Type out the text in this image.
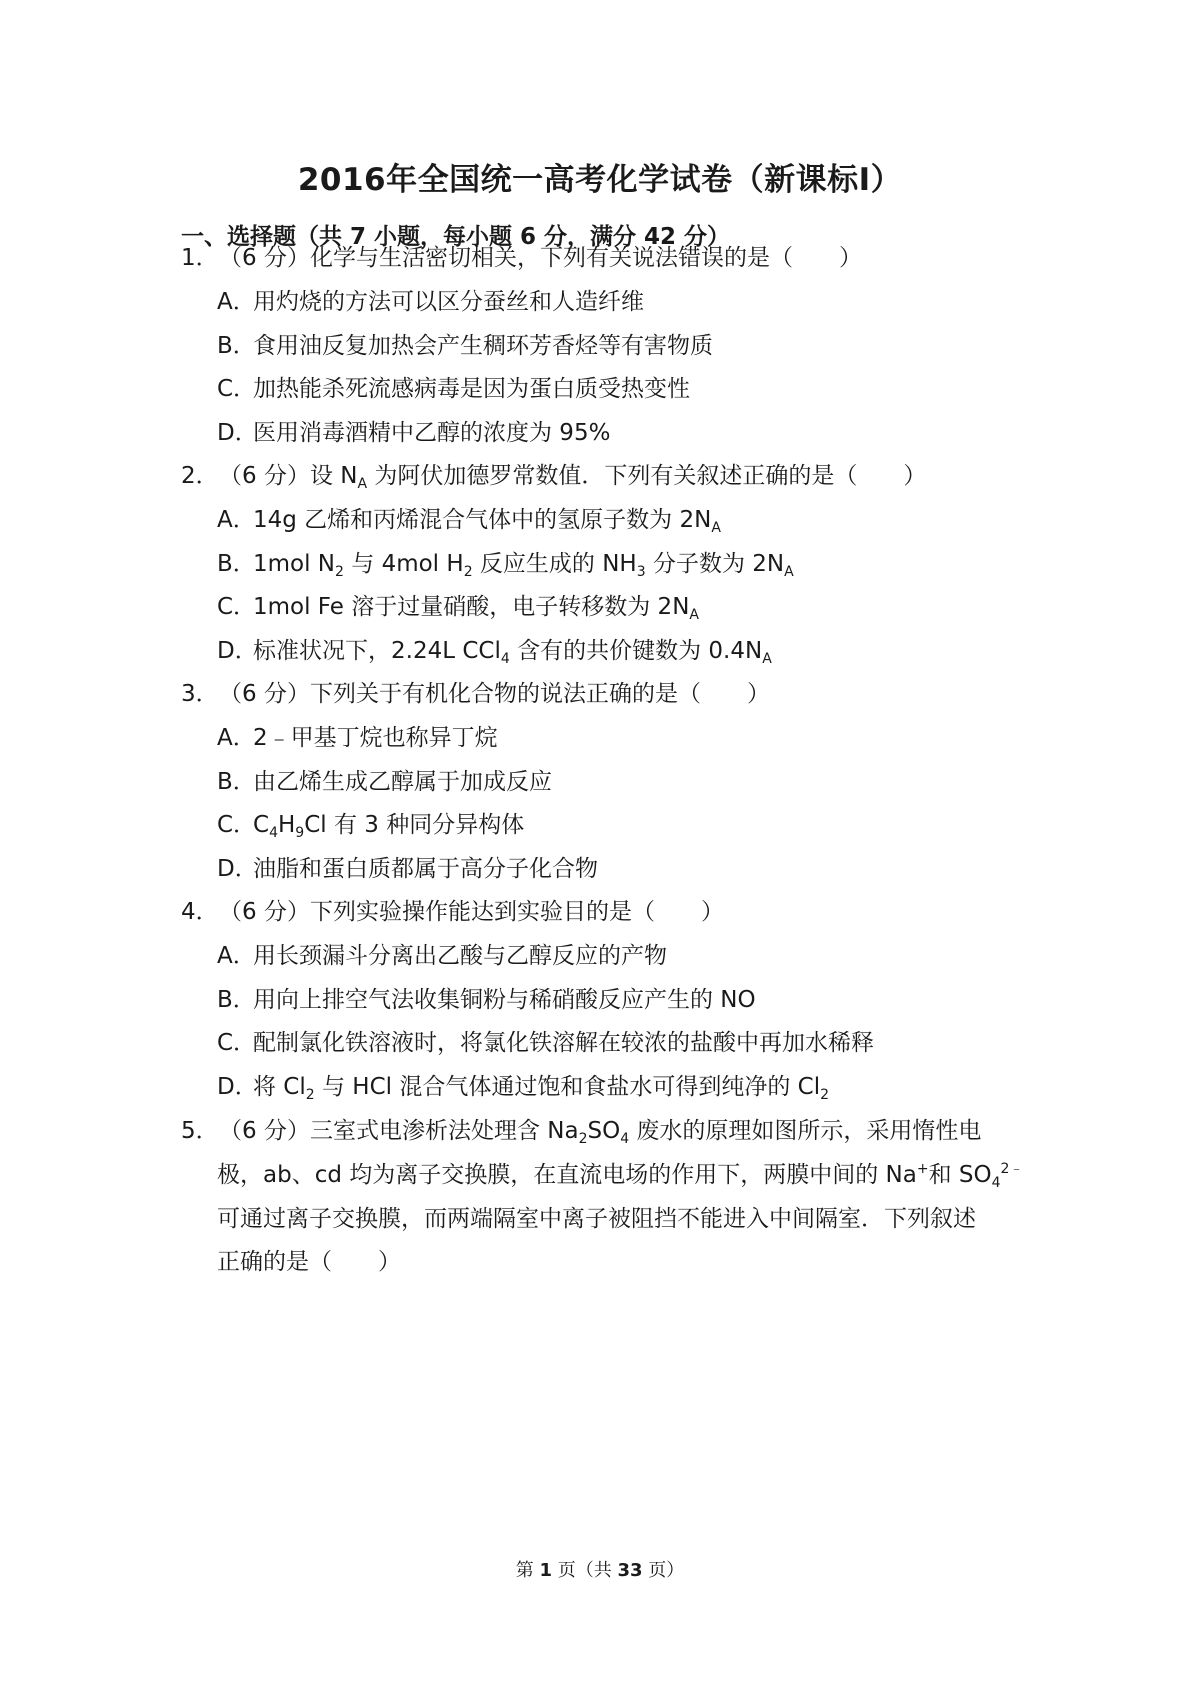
2016年全国统一高考化学试卷（新课标Ⅰ）
一、选择题（共 7 小题，每小题 6 分，满分 42 分）
1．（6 分）化学与生活密切相关，下列有关说法错误的是（　　）
A．用灼烧的方法可以区分蚕丝和人造纤维
B．食用油反复加热会产生稠环芳香烃等有害物质
C．加热能杀死流感病毒是因为蛋白质受热变性
D．医用消毒酒精中乙醇的浓度为 95%
2．（6 分）设 $N_A$ 为阿伏加德罗常数值．下列有关叙述正确的是（　　）
A．14g 乙烯和丙烯混合气体中的氢原子数为 $2N_A$
B．1mol $N_2$ 与 4mol $H_2$ 反应生成的 $NH_3$ 分子数为 $2N_A$
C．1mol Fe 溶于过量硝酸，电子转移数为 $2N_A$
D．标准状况下，2.24L CCl$_4$ 含有的共价键数为 $0.4N_A$
3．（6 分）下列关于有机化合物的说法正确的是（　　）
A．2﹣甲基丁烷也称异丁烷
B．由乙烯生成乙醇属于加成反应
C．$C_4H_9Cl$ 有 3 种同分异构体
D．油脂和蛋白质都属于高分子化合物
4．（6 分）下列实验操作能达到实验目的是（　　）
A．用长颈漏斗分离出乙酸与乙醇反应的产物
B．用向上排空气法收集铜粉与稀硝酸反应产生的 NO
C．配制氯化铁溶液时，将氯化铁溶解在较浓的盐酸中再加水稀释
D．将 $Cl_2$ 与 HCl 混合气体通过饱和食盐水可得到纯净的 $Cl_2$
5．（6 分）三室式电渗析法处理含 $Na_2SO_4$ 废水的原理如图所示，采用惰性电
极，ab、cd 均为离子交换膜，在直流电场的作用下，两膜中间的 Na+和 $SO_4^{2﹣}$
可通过离子交换膜，而两端隔室中离子被阻挡不能进入中间隔室．下列叙述
正确的是（　　）
第 1 页（共 33 页）
